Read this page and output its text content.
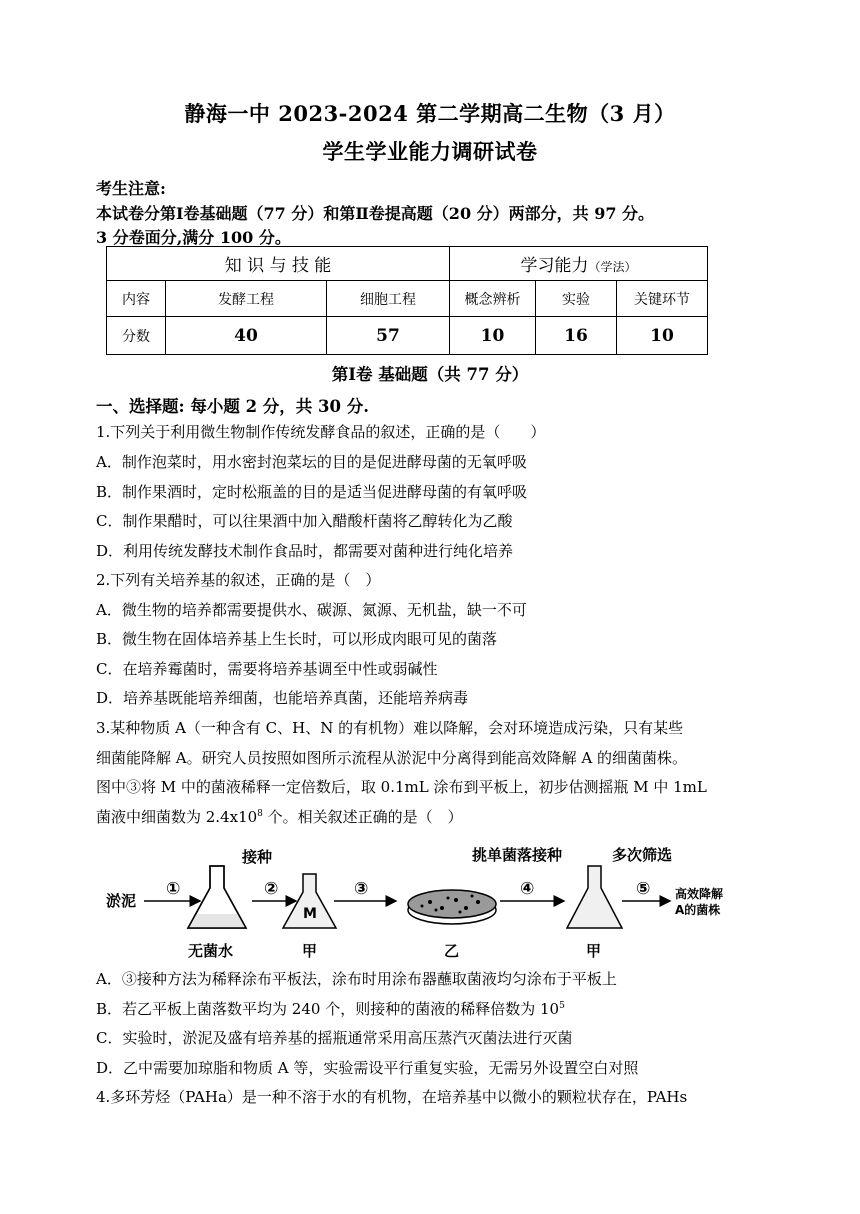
静海一中 2023-2024 第二学期高二生物（3 月）
学生学业能力调研试卷
考生注意:
本试卷分第Ⅰ卷基础题（77 分）和第Ⅱ卷提高题（20 分）两部分，共 97 分。
3 分卷面分,满分 100 分。
知 识 与 技 能			学习能力（学法）		
内容	发酵工程	细胞工程	概念辨析	实验	关键环节
分数	40	57	10	16	10
第Ⅰ卷 基础题（共 77 分）
一、选择题: 每小题 2 分，共 30 分.
1.下列关于利用微生物制作传统发酵食品的叙述，正确的是（　　）
A．制作泡菜时，用水密封泡菜坛的目的是促进酵母菌的无氧呼吸
B．制作果酒时，定时松瓶盖的目的是适当促进酵母菌的有氧呼吸
C．制作果醋时，可以往果酒中加入醋酸杆菌将乙醇转化为乙酸
D．利用传统发酵技术制作食品时，都需要对菌种进行纯化培养
2.下列有关培养基的叙述，正确的是（　）
A．微生物的培养都需要提供水、碳源、氮源、无机盐，缺一不可
B．微生物在固体培养基上生长时，可以形成肉眼可见的菌落
C．在培养霉菌时，需要将培养基调至中性或弱碱性
D．培养基既能培养细菌，也能培养真菌，还能培养病毒
3.某种物质 A（一种含有 C、H、N 的有机物）难以降解，会对环境造成污染，只有某些
细菌能降解 A。研究人员按照如图所示流程从淤泥中分离得到能高效降解 A 的细菌菌株。
图中③将 M 中的菌液稀释一定倍数后，取 0.1mL 涂布到平板上，初步估测摇瓶 M 中 1mL
菌液中细菌数为 $2.4x10^8$ 个。相关叙述正确的是（　）
淤泥
①
无菌水
②
接种
M
甲
③
乙
④
挑单菌落接种
甲
⑤
多次筛选
高效降解
A的菌株
A．③接种方法为稀释涂布平板法，涂布时用涂布器蘸取菌液均匀涂布于平板上
B．若乙平板上菌落数平均为 240 个，则接种的菌液的稀释倍数为 $10^5$
C．实验时，淤泥及盛有培养基的摇瓶通常采用高压蒸汽灭菌法进行灭菌
D．乙中需要加琼脂和物质 A 等，实验需设平行重复实验，无需另外设置空白对照
4.多环芳烃（PAHa）是一种不溶于水的有机物，在培养基中以微小的颗粒状存在，PAHs
